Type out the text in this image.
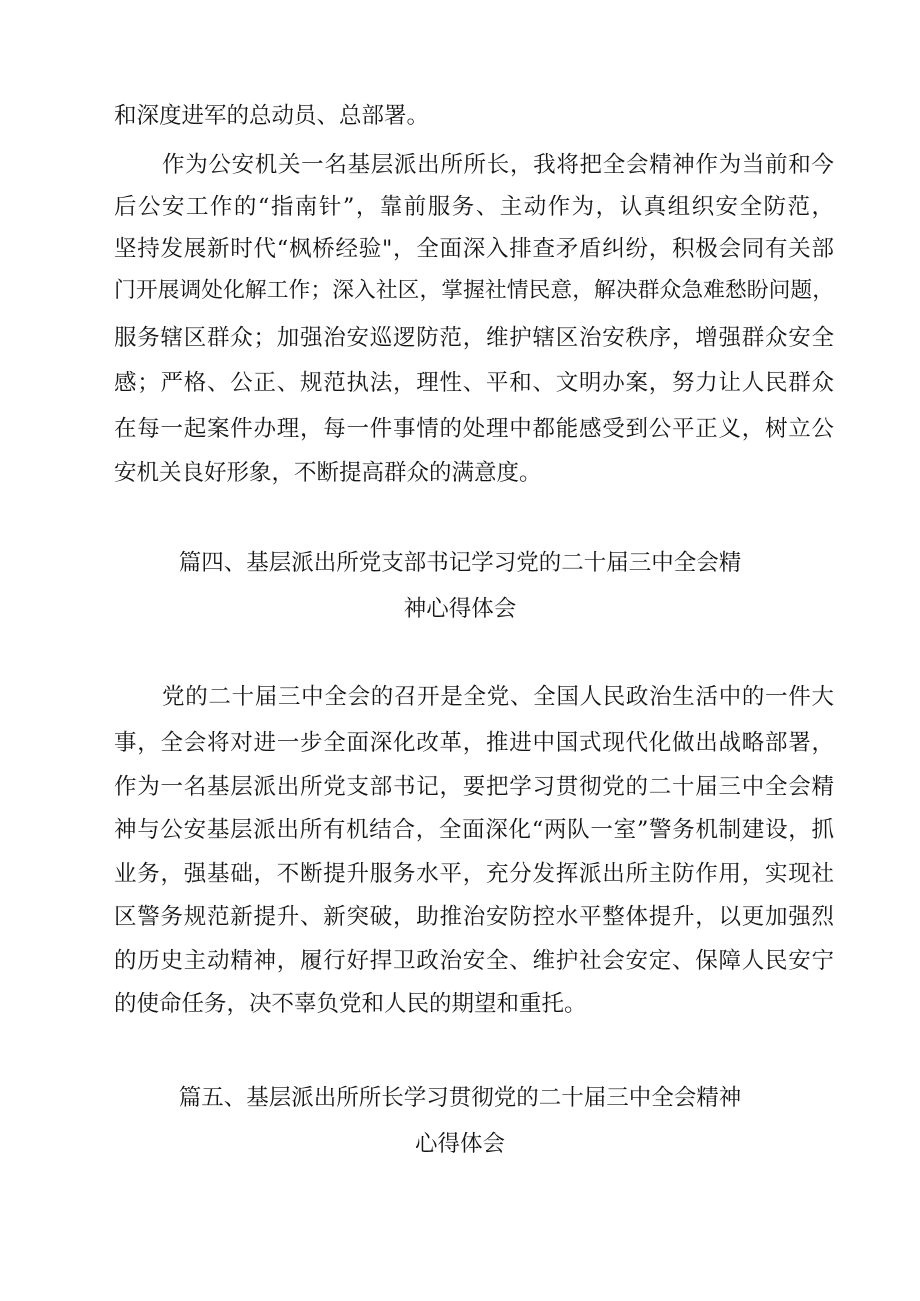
和深度进军的总动员、总部署。
作为公安机关一名基层派出所所长，我将把全会精神作为当前和今
后公安工作的“指南针”，靠前服务、主动作为，认真组织安全防范，
坚持发展新时代“枫桥经验"，全面深入排查矛盾纠纷，积极会同有关部
门开展调处化解工作；深入社区，掌握社情民意，解决群众急难愁盼问题，
服务辖区群众；加强治安巡逻防范，维护辖区治安秩序，增强群众安全
感；严格、公正、规范执法，理性、平和、文明办案，努力让人民群众
在每一起案件办理，每一件事情的处理中都能感受到公平正义，树立公
安机关良好形象，不断提高群众的满意度。
篇四、基层派出所党支部书记学习党的二十届三中全会精
神心得体会
党的二十届三中全会的召开是全党、全国人民政治生活中的一件大
事，全会将对进一步全面深化改革，推进中国式现代化做出战略部署，
作为一名基层派出所党支部书记，要把学习贯彻党的二十届三中全会精
神与公安基层派出所有机结合，全面深化“两队一室”警务机制建设，抓
业务，强基础，不断提升服务水平，充分发挥派出所主防作用，实现社
区警务规范新提升、新突破，助推治安防控水平整体提升，以更加强烈
的历史主动精神，履行好捍卫政治安全、维护社会安定、保障人民安宁
的使命任务，决不辜负党和人民的期望和重托。
篇五、基层派出所所长学习贯彻党的二十届三中全会精神
心得体会
